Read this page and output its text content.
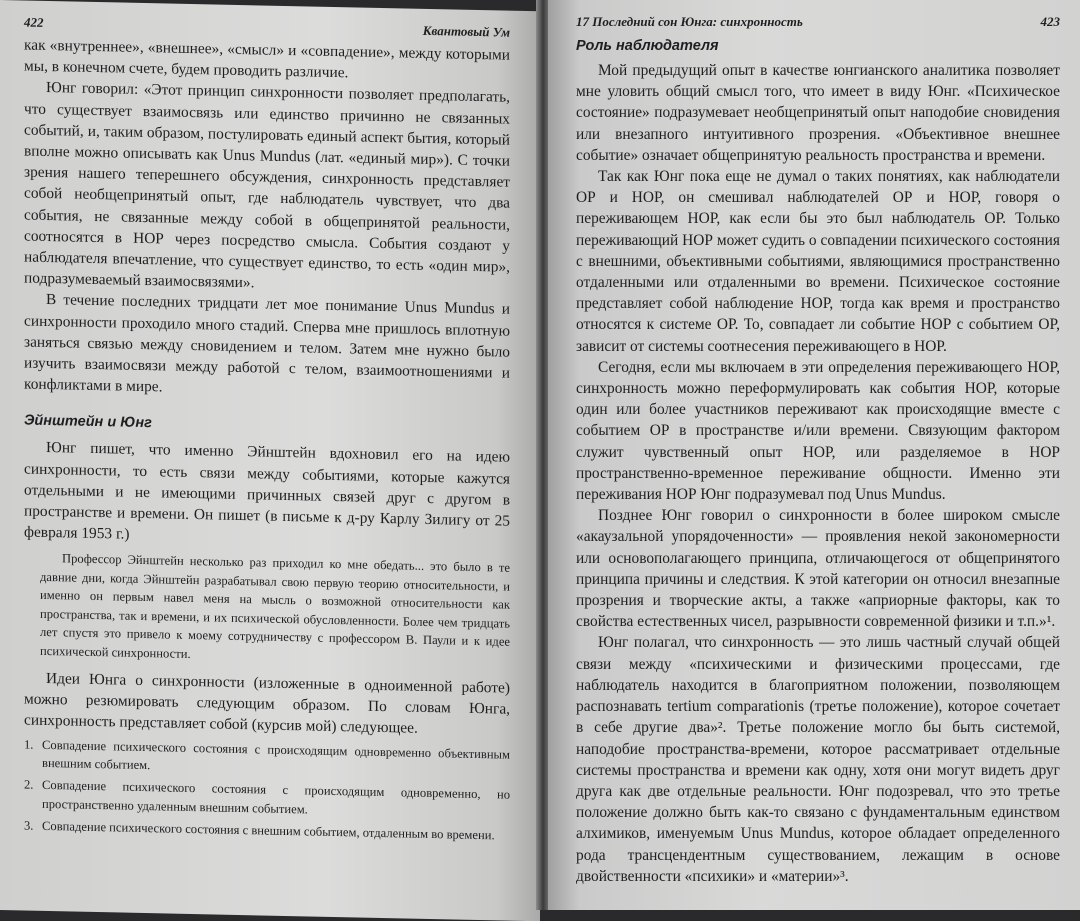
422
Квантовый Ум

как «внутреннее», «внешнее», «смысл» и «совпадение», между которыми мы, в конечном счете, будем проводить различие.

Юнг говорил: «Этот принцип синхронности позволяет предполагать, что существует взаимосвязь или единство причинно не связанных событий, и, таким образом, постулировать единый аспект бытия, который вполне можно описывать как Unus Mundus (лат. «единый мир»). С точки зрения нашего теперешнего обсуждения, синхронность представляет собой необщепринятый опыт, где наблюдатель чувствует, что два события, не связанные между собой в общепринятой реальности, соотносятся в НОР через посредство смысла. События создают у наблюдателя впечатление, что существует единство, то есть «один мир», подразумеваемый взаимосвязями».

В течение последних тридцати лет мое понимание Unus Mundus и синхронности проходило много стадий. Сперва мне пришлось вплотную заняться связью между сновидением и телом. Затем мне нужно было изучить взаимосвязи между работой с телом, взаимоотношениями и конфликтами в мире.

Эйнштейн и Юнг

Юнг пишет, что именно Эйнштейн вдохновил его на идею синхронности, то есть связи между событиями, которые кажутся отдельными и не имеющими причинных связей друг с другом в пространстве и времени. Он пишет (в письме к д-ру Карлу Зилигу от 25 февраля 1953 г.)

Профессор Эйнштейн несколько раз приходил ко мне обедать... это было в те давние дни, когда Эйнштейн разрабатывал свою первую теорию относительности, и именно он первым навел меня на мысль о возможной относительности как пространства, так и времени, и их психической обусловленности. Более чем тридцать лет спустя это привело к моему сотрудничеству с профессором В. Паули и к идее психической синхронности.

Идеи Юнга о синхронности (изложенные в одноименной работе) можно резюмировать следующим образом. По словам Юнга, синхронность представляет собой (курсив мой) следующее.

1. Совпадение психического состояния с происходящим одновременно объективным внешним событием.
2. Совпадение психического состояния с происходящим одновременно, но пространственно удаленным внешним событием.
3. Совпадение психического состояния с внешним событием, отдаленным во времени.
17 Последний сон Юнга: синхронность	423
Роль наблюдателя

Мой предыдущий опыт в качестве юнгианского аналитика позволяет мне уловить общий смысл того, что имеет в виду Юнг. «Психическое состояние» подразумевает необщепринятый опыт наподобие сновидения или внезапного интуитивного прозрения. «Объективное внешнее событие» означает общепринятую реальность пространства и времени.

Так как Юнг пока еще не думал о таких понятиях, как наблюдатели ОР и НОР, он смешивал наблюдателей ОР и НОР, говоря о переживающем НОР, как если бы это был наблюдатель ОР. Только переживающий НОР может судить о совпадении психического состояния с внешними, объективными событиями, являющимися пространственно отдаленными или отдаленными во времени. Психическое состояние представляет собой наблюдение НОР, тогда как время и пространство относятся к системе ОР. То, совпадает ли событие НОР с событием ОР, зависит от системы соотнесения переживающего в НОР.

Сегодня, если мы включаем в эти определения переживающего НОР, синхронность можно переформулировать как события НОР, которые один или более участников переживают как происходящие вместе с событием ОР в пространстве и/или времени. Связующим фактором служит чувственный опыт НОР, или разделяемое в НОР пространственно-временное переживание общности. Именно эти переживания НОР Юнг подразумевал под Unus Mundus.

Позднее Юнг говорил о синхронности в более широком смысле «акаузальной упорядоченности» — проявления некой закономерности или основополагающего принципа, отличающегося от общепринятого принципа причины и следствия. К этой категории он относил внезапные прозрения и творческие акты, а также «априорные факторы, как то свойства естественных чисел, разрывности современной физики и т.п.»¹.

Юнг полагал, что синхронность — это лишь частный случай общей связи между «психическими и физическими процессами, где наблюдатель находится в благоприятном положении, позволяющем распознавать tertium comparationis (третье положение), которое сочетает в себе другие два»². Третье положение могло бы быть системой, наподобие пространства-времени, которое рассматривает отдельные системы пространства и времени как одну, хотя они могут видеть друг друга как две отдельные реальности. Юнг подозревал, что это третье положение должно быть как-то связано с фундаментальным единством алхимиков, именуемым Unus Mundus, которое обладает определенного рода трансцендентным существованием, лежащим в основе двойственности «психики» и «материи»³.
